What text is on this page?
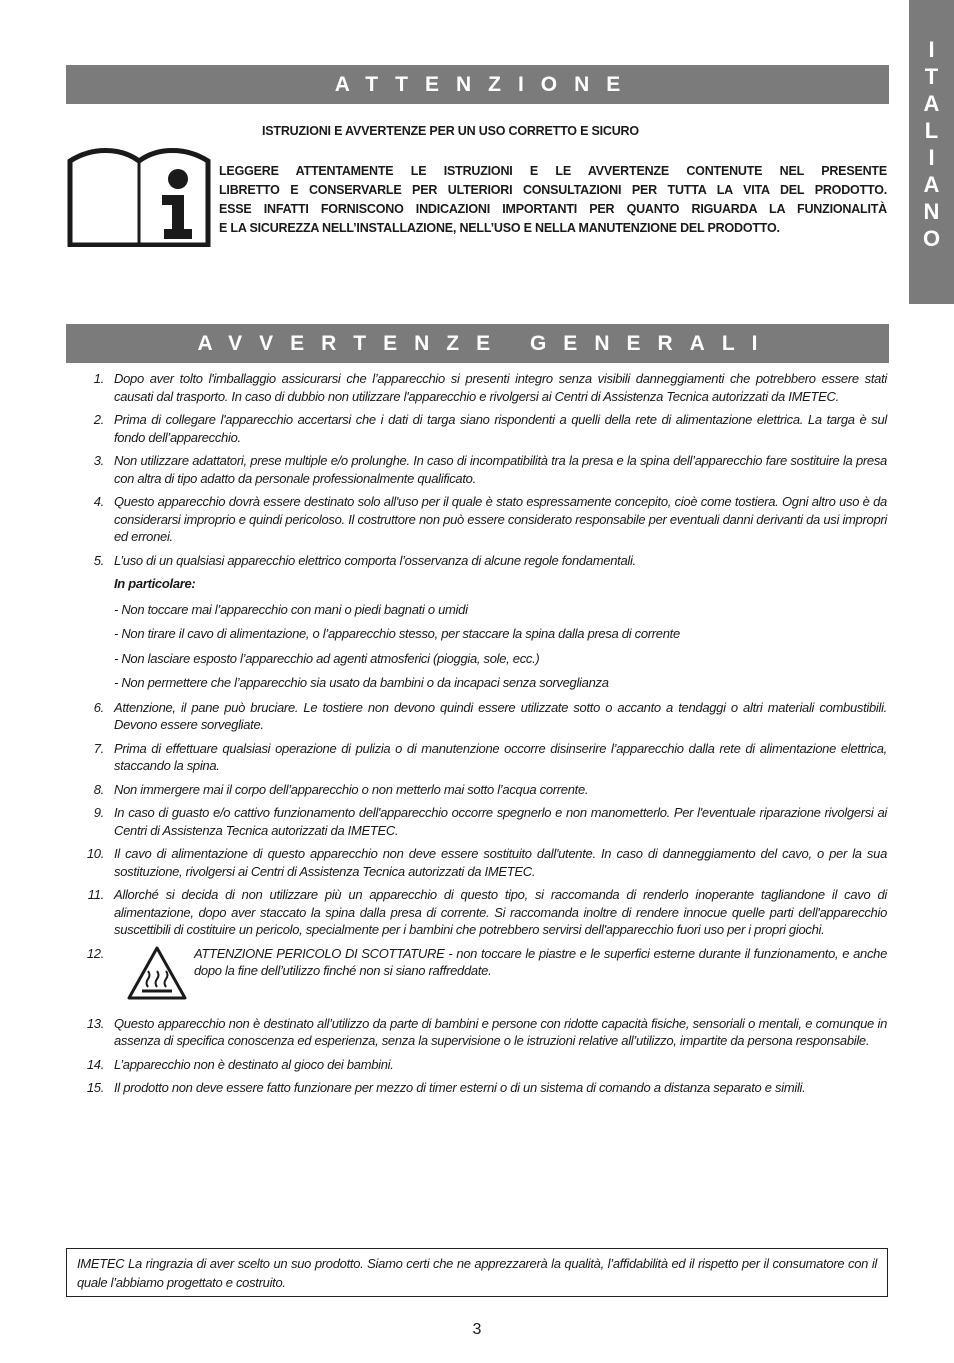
I
T
A
L
I
A
N
O
ATTENZIONE
ISTRUZIONI E AVVERTENZE PER UN USO CORRETTO E SICURO
LEGGERE ATTENTAMENTE LE ISTRUZIONI E LE AVVERTENZE CONTENUTE NEL PRESENTE
LIBRETTO E CONSERVARLE PER ULTERIORI CONSULTAZIONI PER TUTTA LA VITA DEL PRODOTTO.
ESSE INFATTI FORNISCONO INDICAZIONI IMPORTANTI PER QUANTO RIGUARDA LA FUNZIONALITÀ
E LA SICUREZZA NELL’INSTALLAZIONE, NELL’USO E NELLA MANUTENZIONE DEL PRODOTTO.
AVVERTENZE GENERALI
1. Dopo aver tolto l'imballaggio assicurarsi che l’apparecchio si presenti integro senza visibili danneggiamenti che potrebbero essere stati causati dal trasporto. In caso di dubbio non utilizzare l'apparecchio e rivolgersi ai Centri di Assistenza Tecnica autorizzati da IMETEC.
2. Prima di collegare l'apparecchio accertarsi che i dati di targa siano rispondenti a quelli della rete di alimentazione elettrica. La targa è sul fondo dell’apparecchio.
3. Non utilizzare adattatori, prese multiple e/o prolunghe. In caso di incompatibilità tra la presa e la spina dell’apparecchio fare sostituire la presa con altra di tipo adatto da personale professionalmente qualificato.
4. Questo apparecchio dovrà essere destinato solo all'uso per il quale è stato espressamente concepito, cioè come tostiera. Ogni altro uso è da considerarsi improprio e quindi pericoloso. Il costruttore non può essere considerato responsabile per eventuali danni derivanti da usi impropri ed erronei.
5. L’uso di un qualsiasi apparecchio elettrico comporta l’osservanza di alcune regole fondamentali.
In particolare:
- Non toccare mai l’apparecchio con mani o piedi bagnati o umidi
- Non tirare il cavo di alimentazione, o l’apparecchio stesso, per staccare la spina dalla presa di corrente
- Non lasciare esposto l’apparecchio ad agenti atmosferici (pioggia, sole, ecc.)
- Non permettere che l’apparecchio sia usato da bambini o da incapaci senza sorveglianza
6. Attenzione, il pane può bruciare. Le tostiere non devono quindi essere utilizzate sotto o accanto a tendaggi o altri materiali combustibili. Devono essere sorvegliate.
7. Prima di effettuare qualsiasi operazione di pulizia o di manutenzione occorre disinserire l’apparecchio dalla rete di alimentazione elettrica, staccando la spina.
8. Non immergere mai il corpo dell’apparecchio o non metterlo mai sotto l’acqua corrente.
9. In caso di guasto e/o cattivo funzionamento dell'apparecchio occorre spegnerlo e non manometterlo. Per l'eventuale riparazione rivolgersi ai Centri di Assistenza Tecnica autorizzati da IMETEC.
10. Il cavo di alimentazione di questo apparecchio non deve essere sostituito dall'utente. In caso di danneggiamento del cavo, o per la sua sostituzione, rivolgersi ai Centri di Assistenza Tecnica autorizzati da IMETEC.
11. Allorché si decida di non utilizzare più un apparecchio di questo tipo, si raccomanda di renderlo inoperante tagliandone il cavo di alimentazione, dopo aver staccato la spina dalla presa di corrente. Si raccomanda inoltre di rendere innocue quelle parti dell'apparecchio suscettibili di costituire un pericolo, specialmente per i bambini che potrebbero servirsi dell'apparecchio fuori uso per i propri giochi.
12.	ATTENZIONE PERICOLO DI SCOTTATURE - non toccare le piastre e le superfici esterne durante il funzionamento, e anche dopo la fine dell’utilizzo finché non si siano raffreddate.
13. Questo apparecchio non è destinato all’utilizzo da parte di bambini e persone con ridotte capacità fisiche, sensoriali o mentali, e comunque in assenza di specifica conoscenza ed esperienza, senza la supervisione o le istruzioni relative all’utilizzo, impartite da persona responsabile.
14. L’apparecchio non è destinato al gioco dei bambini.
15. Il prodotto non deve essere fatto funzionare per mezzo di timer esterni o di un sistema di comando a distanza separato e simili.
IMETEC La ringrazia di aver scelto un suo prodotto. Siamo certi che ne apprezzarerà la qualità, l’affidabilità ed il rispetto per il consumatore con il quale l’abbiamo progettato e costruito.
3
